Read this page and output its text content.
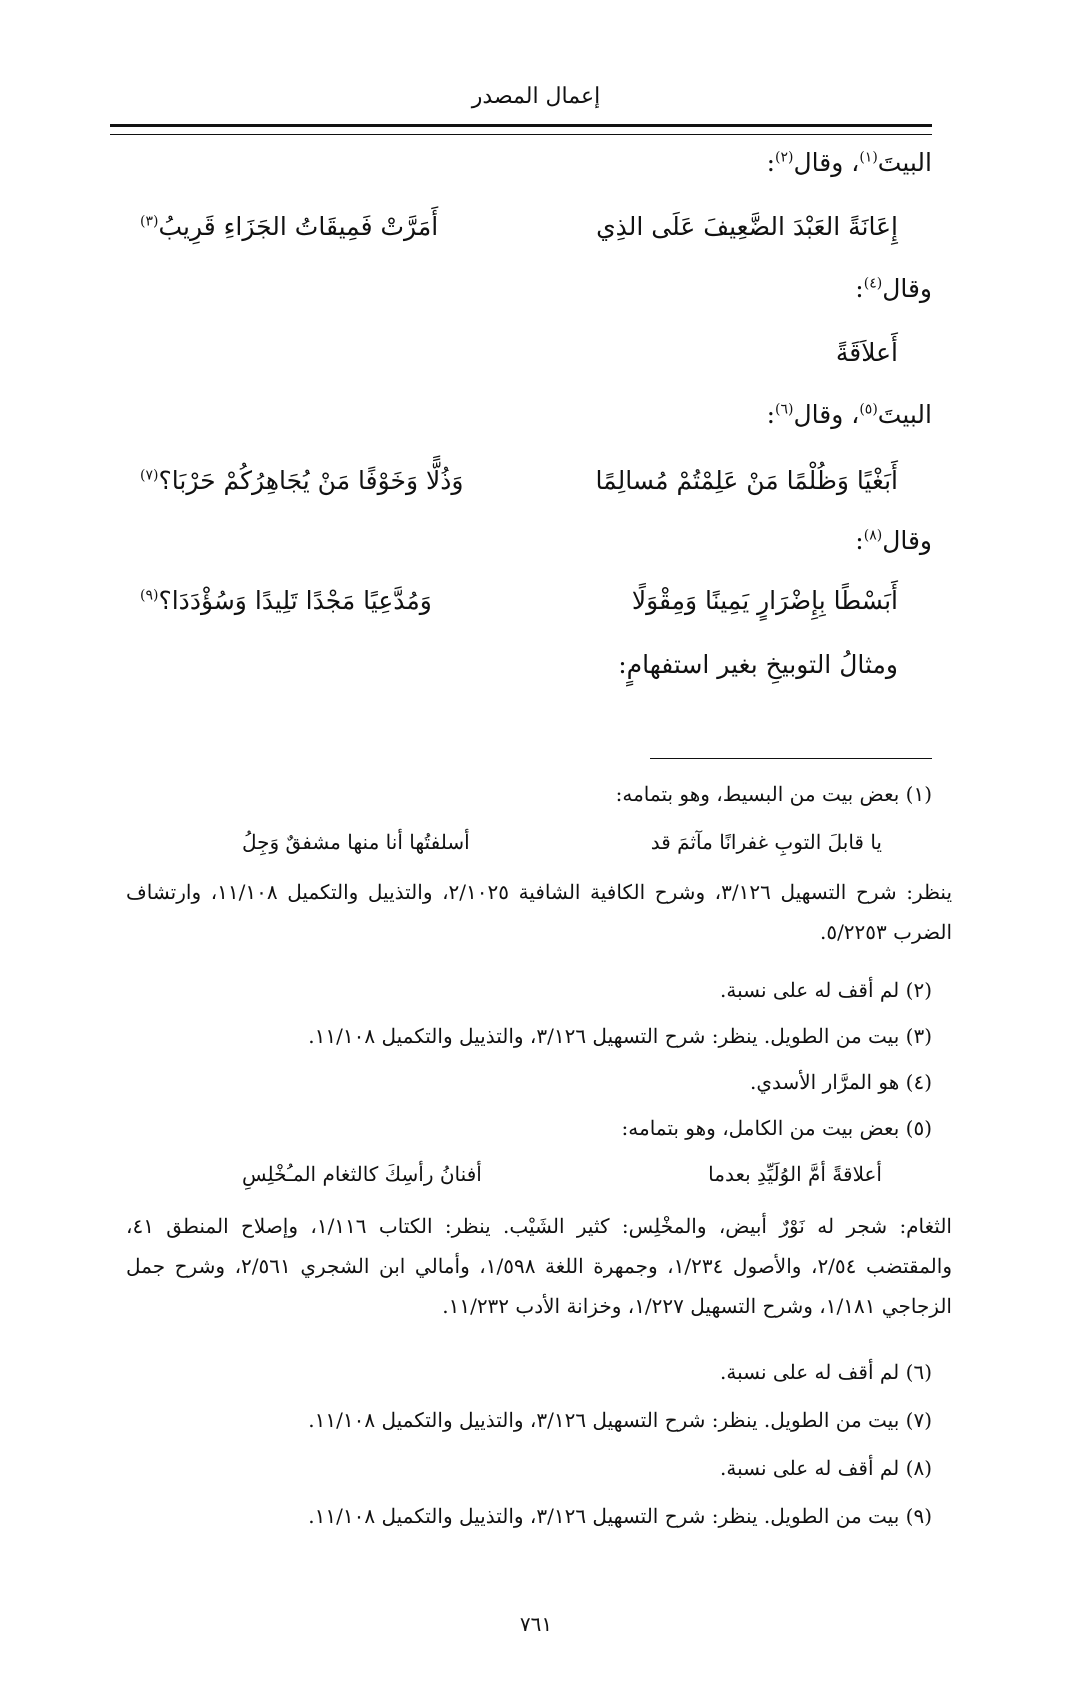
إعمال المصدر
البيتَ$^{(١)}$، وقال$^{(٢)}$:
إِعَانَةً العَبْدَ الضَّعِيفَ عَلَى الذِي
أَمَرَّتْ فَمِيقَاتُ الجَزَاءِ قَرِيبُ$^{(٣)}$
وقال$^{(٤)}$:
أَعلاَقَةً
البيتَ$^{(٥)}$، وقال$^{(٦)}$:
أَبَغْيًا وَظُلْمًا مَنْ عَلِمْتُمْ مُسالِمًا
وَذُلًّا وَخَوْفًا مَنْ يُجَاهِرُكُمْ حَرْبَا؟$^{(٧)}$
وقال$^{(٨)}$:
أَبَسْطًا بِإِضْرَارٍ يَمِينًا وَمِقْوَلًا
وَمُدَّعِيًا مَجْدًا تَلِيدًا وَسُؤْدَدَا؟$^{(٩)}$
ومثالُ التوبيخِ بغير استفهامٍ:
(١) بعض بيت من البسيط، وهو بتمامه:
يا قابلَ التوبِ غفرانًا مآثمَ قد
أسلفتُها أنا منها مشفقٌ وَجِلُ
ينظر: شرح التسهيل ٣/١٢٦، وشرح الكافية الشافية ٢/١٠٢٥، والتذييل والتكميل ١١/١٠٨، وارتشاف الضرب ٥/٢٢٥٣.
(٢) لم أقف له على نسبة.
(٣) بيت من الطويل. ينظر: شرح التسهيل ٣/١٢٦، والتذييل والتكميل ١١/١٠٨.
(٤) هو المرَّار الأسدي.
(٥) بعض بيت من الكامل، وهو بتمامه:
أعلاقةً أمَّ الوُلَيِّدِ بعدما
أفنانُ رأسِكَ كالثغام المـُخْلِسِ
الثغام: شجر له نَوْرٌ أبيض، والمخْلِس: كثير الشَيْب. ينظر: الكتاب ١/١١٦، وإصلاح المنطق ٤١، والمقتضب ٢/٥٤، والأصول ١/٢٣٤، وجمهرة اللغة ١/٥٩٨، وأمالي ابن الشجري ٢/٥٦١، وشرح جمل الزجاجي ١/١٨١، وشرح التسهيل ١/٢٢٧، وخزانة الأدب ١١/٢٣٢.
(٦) لم أقف له على نسبة.
(٧) بيت من الطويل. ينظر: شرح التسهيل ٣/١٢٦، والتذييل والتكميل ١١/١٠٨.
(٨) لم أقف له على نسبة.
(٩) بيت من الطويل. ينظر: شرح التسهيل ٣/١٢٦، والتذييل والتكميل ١١/١٠٨.
٧٦١
